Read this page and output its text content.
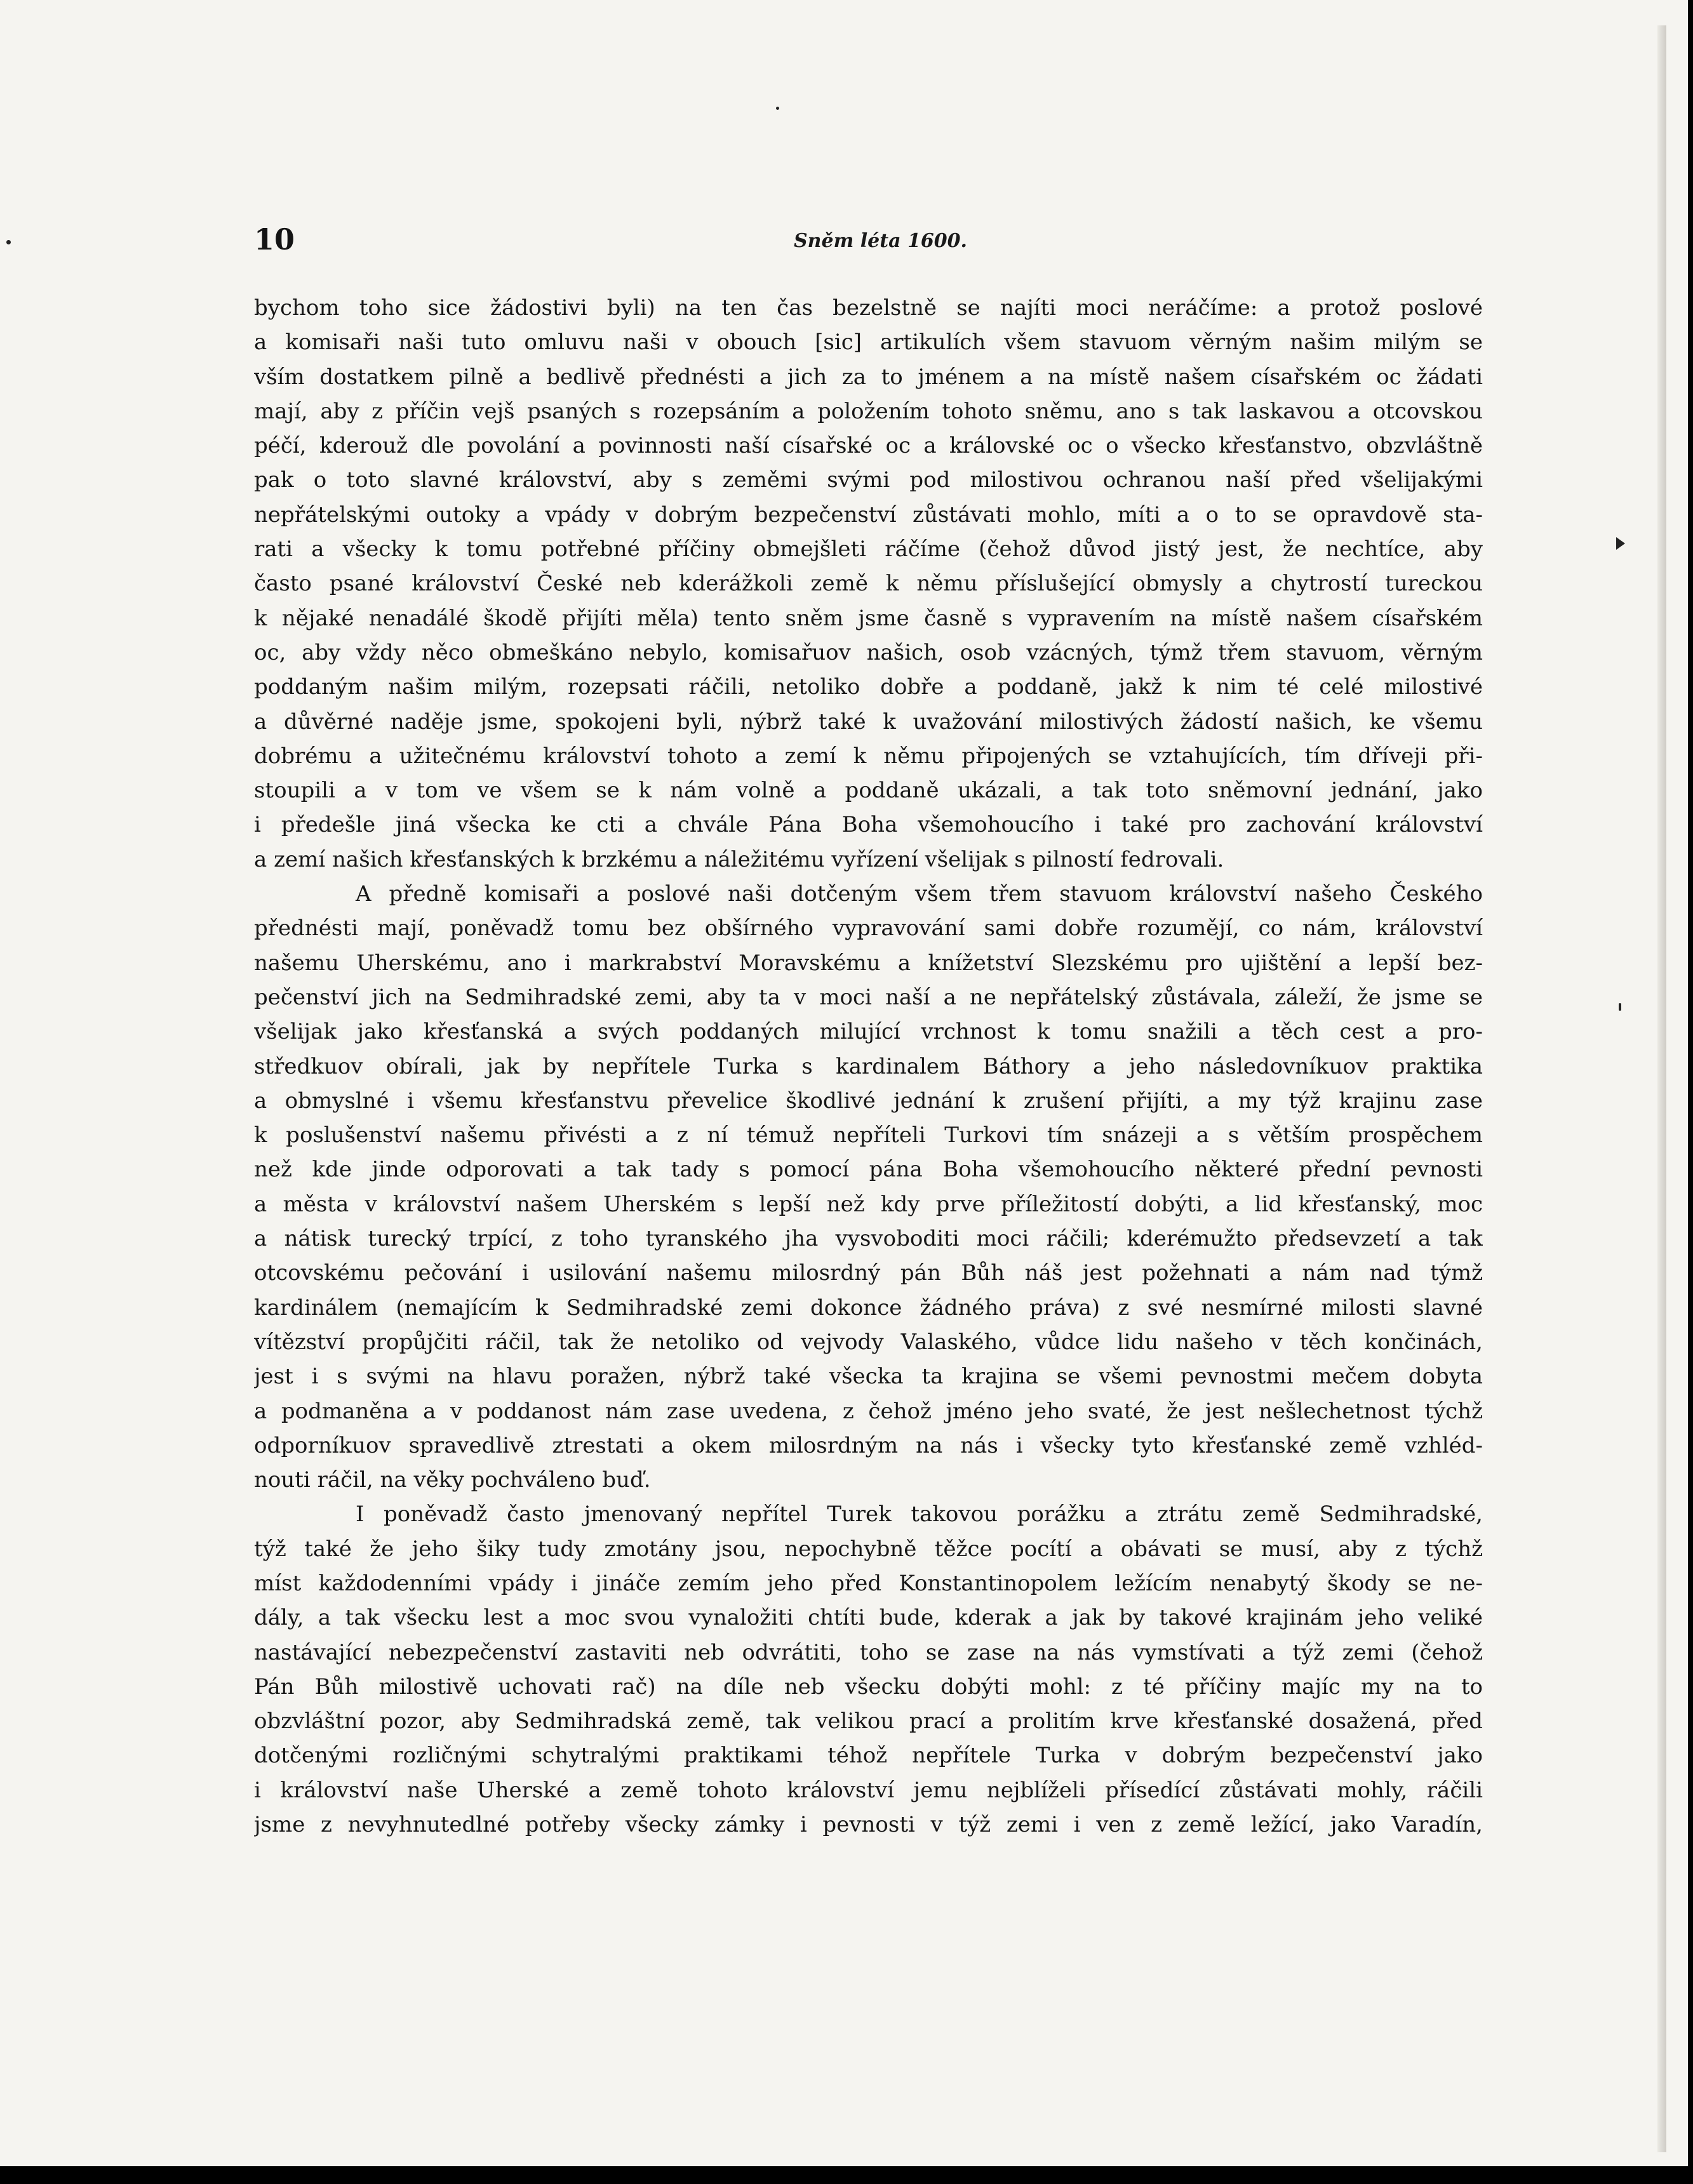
10	Sněm léta 1600.
bychom toho sice žádostivi byli) na ten čas bezelstně se najíti moci neráčíme: a protož poslové
a komisaři naši tuto omluvu naši v obouch [sic] artikulích všem stavuom věrným našim milým se
vším dostatkem pilně a bedlivě přednésti a jich za to jménem a na místě našem císařském oc žádati
mají, aby z příčin vejš psaných s rozepsáním a položením tohoto sněmu, ano s tak laskavou a otcovskou
péčí, kderouž dle povolání a povinnosti naší císařské oc a královské oc o všecko křesťanstvo, obzvláštně
pak o toto slavné království, aby s zeměmi svými pod milostivou ochranou naší před všelijakými
nepřátelskými outoky a vpády v dobrým bezpečenství zůstávati mohlo, míti a o to se opravdově sta-
rati a všecky k tomu potřebné příčiny obmejšleti ráčíme (čehož důvod jistý jest, že nechtíce, aby
často psané království České neb kderážkoli země k němu příslušející obmysly a chytrostí tureckou
k nějaké nenadálé škodě přijíti měla) tento sněm jsme časně s vypravením na místě našem císařském
oc, aby vždy něco obmeškáno nebylo, komisařuov našich, osob vzácných, týmž třem stavuom, věrným
poddaným našim milým, rozepsati ráčili, netoliko dobře a poddaně, jakž k nim té celé milostivé
a důvěrné naděje jsme, spokojeni byli, nýbrž také k uvažování milostivých žádostí našich, ke všemu
dobrému a užitečnému království tohoto a zemí k němu připojených se vztahujících, tím dříveji při-
stoupili a v tom ve všem se k nám volně a poddaně ukázali, a tak toto sněmovní jednání, jako
i předešle jiná všecka ke cti a chvále Pána Boha všemohoucího i také pro zachování království
a zemí našich křesťanských k brzkému a náležitému vyřízení všelijak s pilností fedrovali.
A předně komisaři a poslové naši dotčeným všem třem stavuom království našeho Českého
přednésti mají, poněvadž tomu bez obšírného vypravování sami dobře rozumějí, co nám, království
našemu Uherskému, ano i markrabství Moravskému a knížetství Slezskému pro ujištění a lepší bez-
pečenství jich na Sedmihradské zemi, aby ta v moci naší a ne nepřátelský zůstávala, záleží, že jsme se
všelijak jako křesťanská a svých poddaných milující vrchnost k tomu snažili a těch cest a pro-
středkuov obírali, jak by nepřítele Turka s kardinalem Báthory a jeho následovníkuov praktika
a obmyslné i všemu křesťanstvu převelice škodlivé jednání k zrušení přijíti, a my týž krajinu zase
k poslušenství našemu přivésti a z ní témuž nepříteli Turkovi tím snázeji a s větším prospěchem
než kde jinde odporovati a tak tady s pomocí pána Boha všemohoucího některé přední pevnosti
a města v království našem Uherském s lepší než kdy prve příležitostí dobýti, a lid křesťanský, moc
a nátisk turecký trpící, z toho tyranského jha vysvoboditi moci ráčili; kderémužto předsevzetí a tak
otcovskému pečování i usilování našemu milosrdný pán Bůh náš jest požehnati a nám nad týmž
kardinálem (nemajícím k Sedmihradské zemi dokonce žádného práva) z své nesmírné milosti slavné
vítězství propůjčiti ráčil, tak že netoliko od vejvody Valaského, vůdce lidu našeho v těch končinách,
jest i s svými na hlavu poražen, nýbrž také všecka ta krajina se všemi pevnostmi mečem dobyta
a podmaněna a v poddanost nám zase uvedena, z čehož jméno jeho svaté, že jest nešlechetnost týchž
odporníkuov spravedlivě ztrestati a okem milosrdným na nás i všecky tyto křesťanské země vzhléd-
nouti ráčil, na věky pochváleno buď.
I poněvadž často jmenovaný nepřítel Turek takovou porážku a ztrátu země Sedmihradské,
týž také že jeho šiky tudy zmotány jsou, nepochybně těžce pocítí a obávati se musí, aby z týchž
míst každodenními vpády i jináče zemím jeho před Konstantinopolem ležícím nenabytý škody se ne-
dály, a tak všecku lest a moc svou vynaložiti chtíti bude, kderak a jak by takové krajinám jeho veliké
nastávající nebezpečenství zastaviti neb odvrátiti, toho se zase na nás vymstívati a týž zemi (čehož
Pán Bůh milostivě uchovati rač) na díle neb všecku dobýti mohl: z té příčiny majíc my na to
obzvláštní pozor, aby Sedmihradská země, tak velikou prací a prolitím krve křesťanské dosažená, před
dotčenými rozličnými schytralými praktikami téhož nepřítele Turka v dobrým bezpečenství jako
i království naše Uherské a země tohoto království jemu nejblíželi přísedící zůstávati mohly, ráčili
jsme z nevyhnutedlné potřeby všecky zámky i pevnosti v týž zemi i ven z země ležící, jako Varadín,
